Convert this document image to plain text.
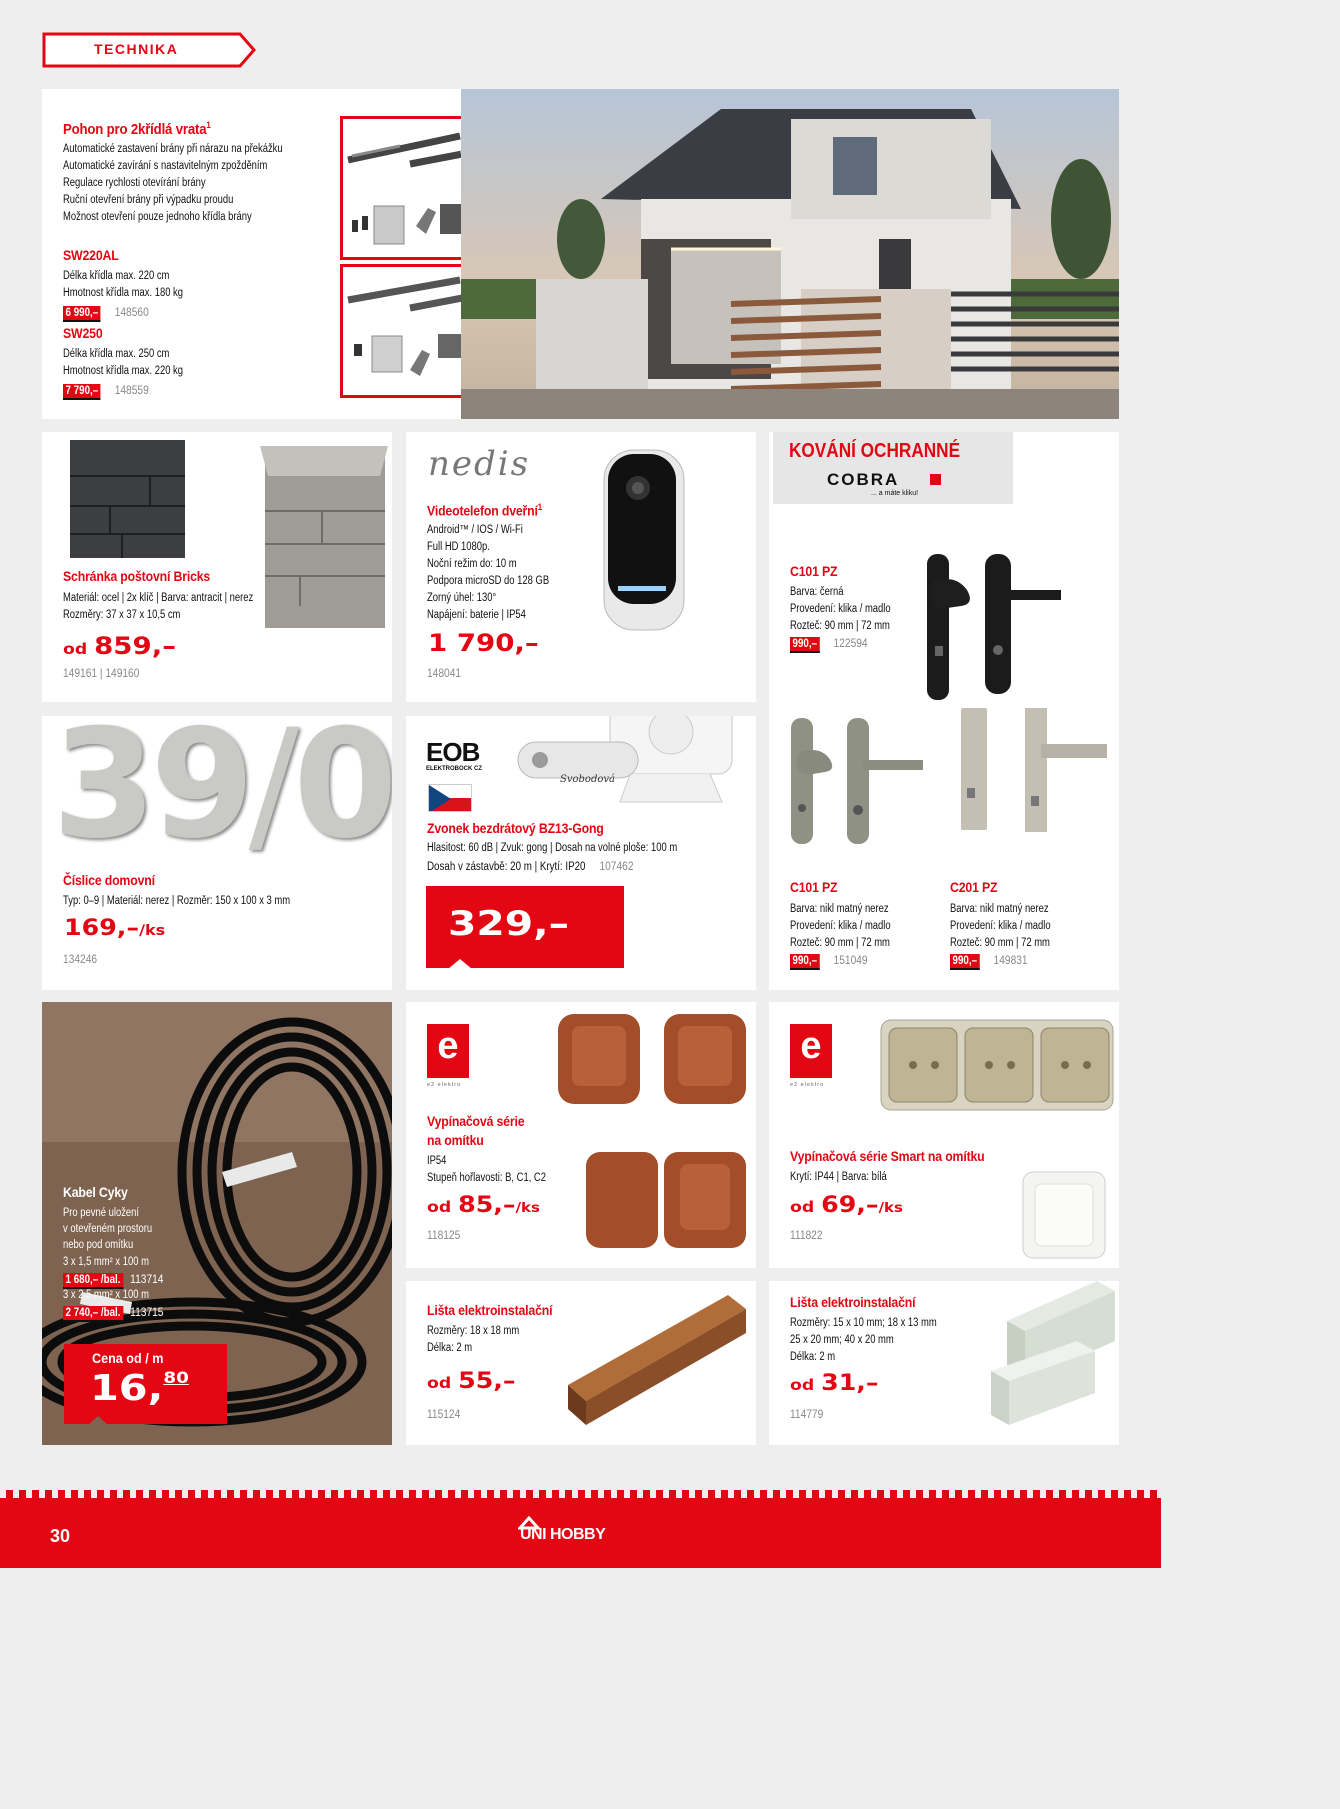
TECHNIKA
Pohon pro 2křídlá vrata$^1$
Automatické zastavení brány při nárazu na překážku
Automatické zavírání s nastavitelným zpožděním
Regulace rychlosti otevírání brány
Ruční otevření brány při výpadku proudu
Možnost otevření pouze jednoho křídla brány
SW220AL
Délka křídla max. 220 cm
Hmotnost křídla max. 180 kg
6 990,– 148560
SW250
Délka křídla max. 250 cm
Hmotnost křídla max. 220 kg
7 790,– 148559
Schránka poštovní Bricks
Materiál: ocel | 2x klíč | Barva: antracit | nerez
Rozměry: 37 x 37 x 10,5 cm
od 859,–
149161 | 149160
nedis
Videotelefon dveřní$^1$
Android™ / IOS / Wi-Fi
Full HD 1080p.
Noční režim do: 10 m
Podpora microSD do 128 GB
Zorný úhel: 130°
Napájení: baterie | IP54
1 790,–
148041
KOVÁNÍ OCHRANNÉ
COBRA
... a máte kliku!
C101 PZ
Barva: černá
Provedení: klika / madlo
Rozteč: 90 mm | 72 mm
990,– 122594
C101 PZ
Barva: nikl matný nerez
Provedení: klika / madlo
Rozteč: 90 mm | 72 mm
990,– 151049
C201 PZ
Barva: nikl matný nerez
Provedení: klika / madlo
Rozteč: 90 mm | 72 mm
990,– 149831
39/0
Číslice domovní
Typ: 0–9 | Materiál: nerez | Rozměr: 150 x 100 x 3 mm
169,–/ks
134246
EOB
ELEKTROBOCK CZ
Svobodová
Zvonek bezdrátový BZ13-Gong
Hlasitost: 60 dB | Zvuk: gong | Dosah na volné ploše: 100 m
Dosah v zástavbě: 20 m | Krytí: IP20 107462
329,–
Kabel Cyky
Pro pevné uložení
v otevřeném prostoru
nebo pod omítku
3 x 1,5 mm² x 100 m
1 680,– /bal. 113714
3 x 2,5 mm² x 100 m
2 740,– /bal. 113715
Cena od / m
16,80
e
e2 elektro
Vypínačová série
na omítku
IP54
Stupeň hořlavosti: B, C1, C2
od 85,–/ks
118125
e
e2 elektro
Vypínačová série Smart na omítku
Krytí: IP44 | Barva: bílá
od 69,–/ks
111822
Lišta elektroinstalační
Rozměry: 18 x 18 mm
Délka: 2 m
od 55,–
115124
Lišta elektroinstalační
Rozměry: 15 x 10 mm; 18 x 13 mm
25 x 20 mm; 40 x 20 mm
Délka: 2 m
od 31,–
114779
30	UNI HOBBY
